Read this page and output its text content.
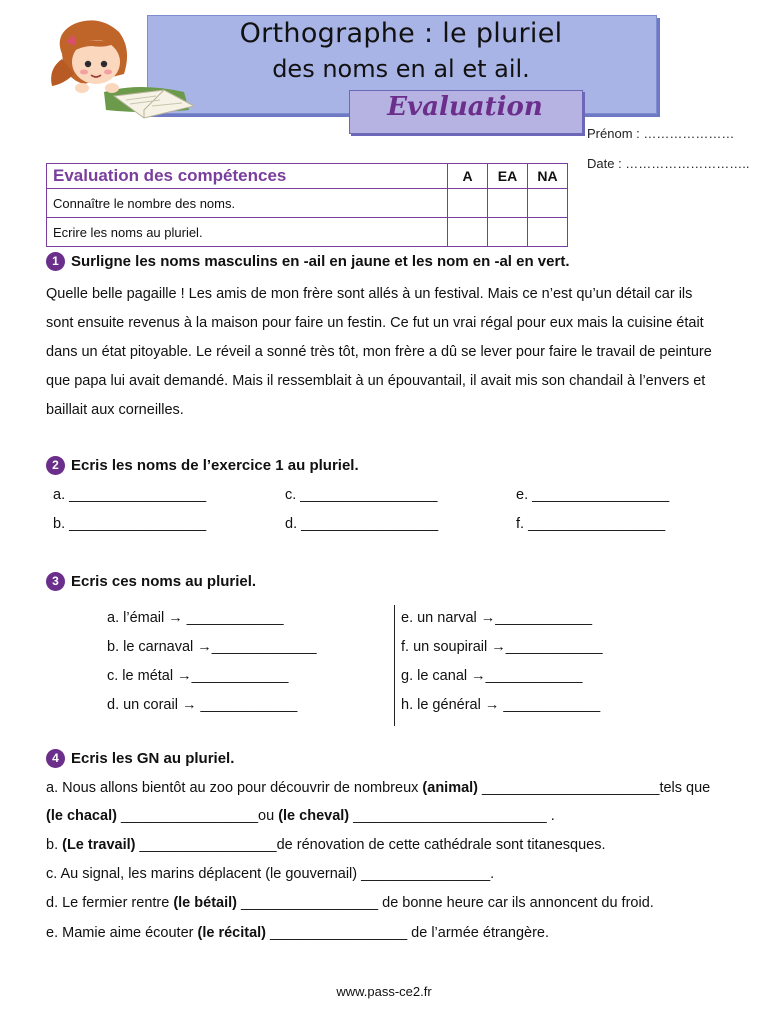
Orthographe : le pluriel
des noms en al et ail.
Evaluation
Prénom : …………………
Date : ………………………..
Evaluation des compétences	A	EA	NA
Connaître le nombre des noms.			
Ecrire les noms au pluriel.			
1 Surligne les noms masculins en -ail en jaune et les nom en -al en vert.
Quelle belle pagaille ! Les amis de mon frère sont allés à un festival. Mais ce n’est qu’un détail car ils
sont ensuite revenus à la maison pour faire un festin. Ce fut un vrai régal pour eux mais la cuisine était
dans un état pitoyable. Le réveil a sonné très tôt, mon frère a dû se lever pour faire le travail de peinture
que papa lui avait demandé. Mais il ressemblait à un épouvantail, il avait mis son chandail à l’envers et
baillait aux corneilles.
2 Ecris les noms de l’exercice 1 au pluriel.
a. _________________	c. _________________	e. _________________
b. _________________	d. _________________	f. _________________
3 Ecris ces noms au pluriel.
a. l’émail → ____________
b. le carnaval →_____________
c. le métal →____________
d. un corail → ____________
e. un narval →____________
f. un soupirail →____________
g. le canal →____________
h. le général → ____________
4 Ecris les GN au pluriel.
a. Nous allons bientôt au zoo pour découvrir de nombreux (animal) ______________________tels que
(le chacal) _________________ou (le cheval) ________________________ .
b. (Le travail) _________________de rénovation de cette cathédrale sont titanesques.
c. Au signal, les marins déplacent (le gouvernail) ________________.
d. Le fermier rentre (le bétail) _________________ de bonne heure car ils annoncent du froid.
e. Mamie aime écouter (le récital) _________________ de l’armée étrangère.
www.pass-ce2.fr
